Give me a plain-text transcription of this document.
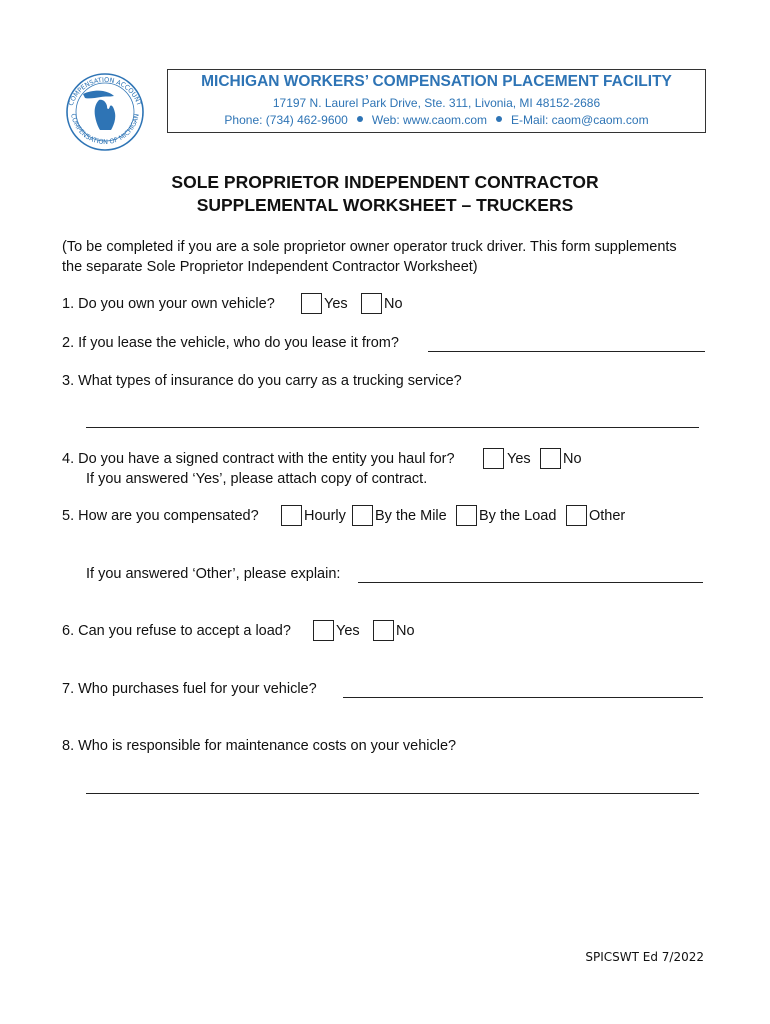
COMPENSATION ACCOUNT
COMPENSATION OF MICHIGAN
MICHIGAN WORKERS’ COMPENSATION PLACEMENT FACILITY
17197 N. Laurel Park Drive, Ste. 311, Livonia, MI 48152-2686
Phone: (734) 462-9600 Web: www.caom.com E-Mail: caom@caom.com
SOLE PROPRIETOR INDEPENDENT CONTRACTOR
SUPPLEMENTAL WORKSHEET – TRUCKERS
(To be completed if you are a sole proprietor owner operator truck driver. This form supplements
the separate Sole Proprietor Independent Contractor Worksheet)
1. Do you own your own vehicle?	Yes	No
2. If you lease the vehicle, who do you lease it from?
3. What types of insurance do you carry as a trucking service?
4. Do you have a signed contract with the entity you haul for?	Yes No
If you answered ‘Yes’, please attach copy of contract.
5. How are you compensated?	Hourly By the Mile By the Load Other
If you answered ‘Other’, please explain:
6. Can you refuse to accept a load?	Yes	No
7. Who purchases fuel for your vehicle?
8. Who is responsible for maintenance costs on your vehicle?
SPICSWT Ed 7/2022
